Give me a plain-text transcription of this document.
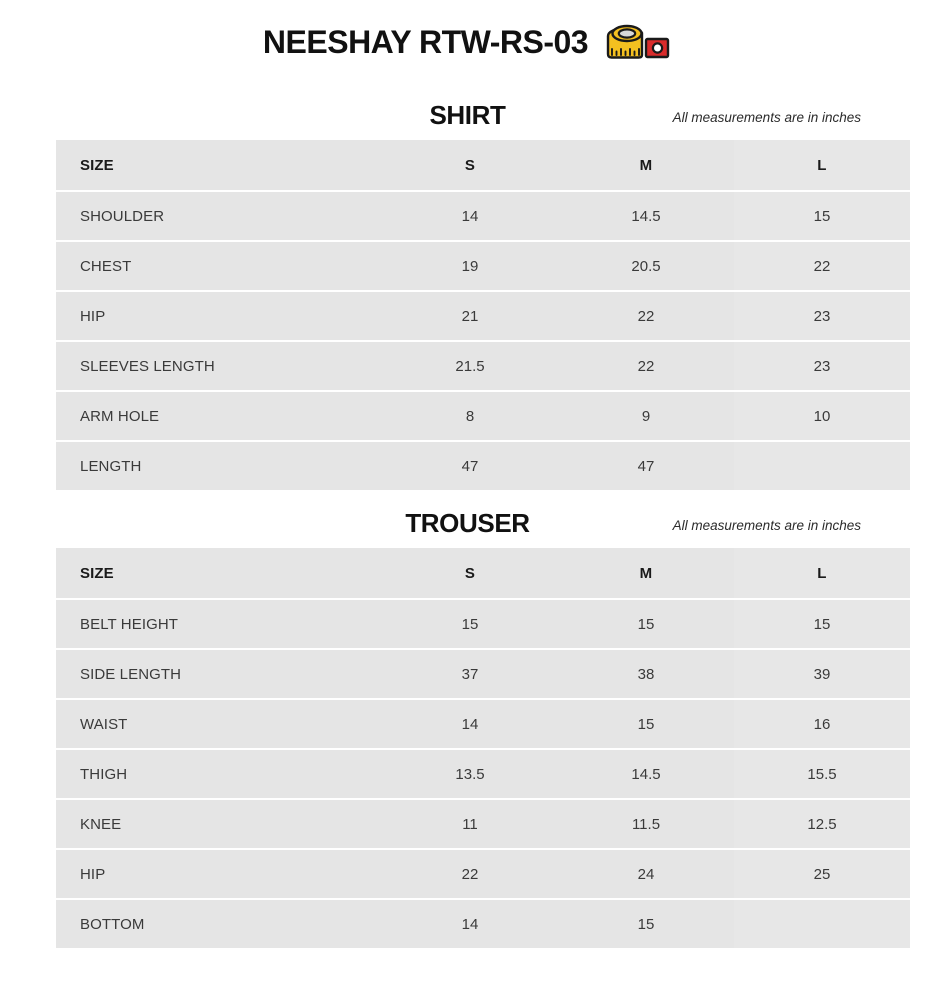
NEESHAY RTW-RS-03
SHIRT	All measurements are in inches
SIZE	S	M	L
SHOULDER	14	14.5	15
CHEST	19	20.5	22
HIP	21	22	23
SLEEVES LENGTH	21.5	22	23
ARM HOLE	8	9	10
LENGTH	47	47	
TROUSER	All measurements are in inches
SIZE	S	M	L
BELT HEIGHT	15	15	15
SIDE LENGTH	37	38	39
WAIST	14	15	16
THIGH	13.5	14.5	15.5
KNEE	11	11.5	12.5
HIP	22	24	25
BOTTOM	14	15	
